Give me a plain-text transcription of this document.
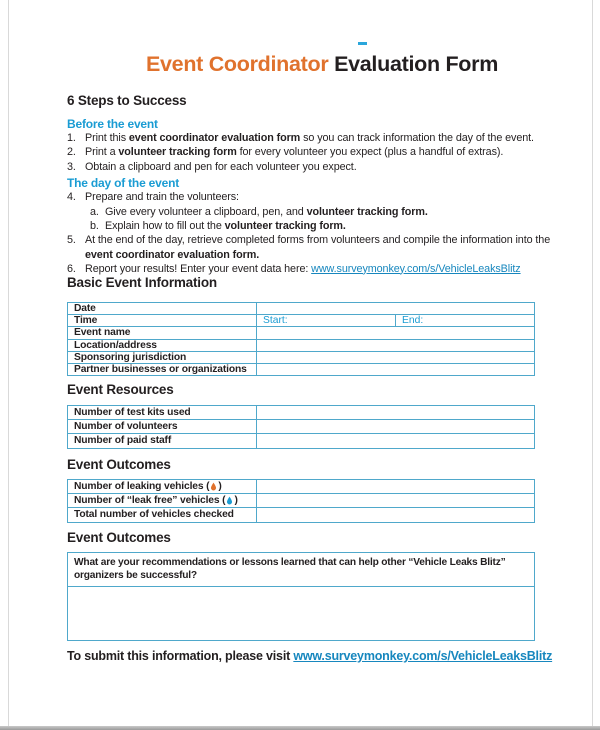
Event Coordinator Evaluation Form
6 Steps to Success
Before the event
1. Print this event coordinator evaluation form so you can track information the day of the event.
2. Print a volunteer tracking form for every volunteer you expect (plus a handful of extras).
3. Obtain a clipboard and pen for each volunteer you expect.
The day of the event
4. Prepare and train the volunteers:
a. Give every volunteer a clipboard, pen, and volunteer tracking form.
b. Explain how to fill out the volunteer tracking form.
5. At the end of the day, retrieve completed forms from volunteers and compile the information into the
event coordinator evaluation form.
6. Report your results! Enter your event data here: www.surveymonkey.com/s/VehicleLeaksBlitz
Basic Event Information
Date
Time	Start:	End:
Event name
Location/address
Sponsoring jurisdiction
Partner businesses or organizations
Event Resources
Number of test kits used
Number of volunteers
Number of paid staff
Event Outcomes
Number of leaking vehicles ( )
Number of “leak free” vehicles ( )
Total number of vehicles checked
Event Outcomes
What are your recommendations or lessons learned that can help other “Vehicle Leaks Blitz”
organizers be successful?
To submit this information, please visit www.surveymonkey.com/s/VehicleLeaksBlitz
